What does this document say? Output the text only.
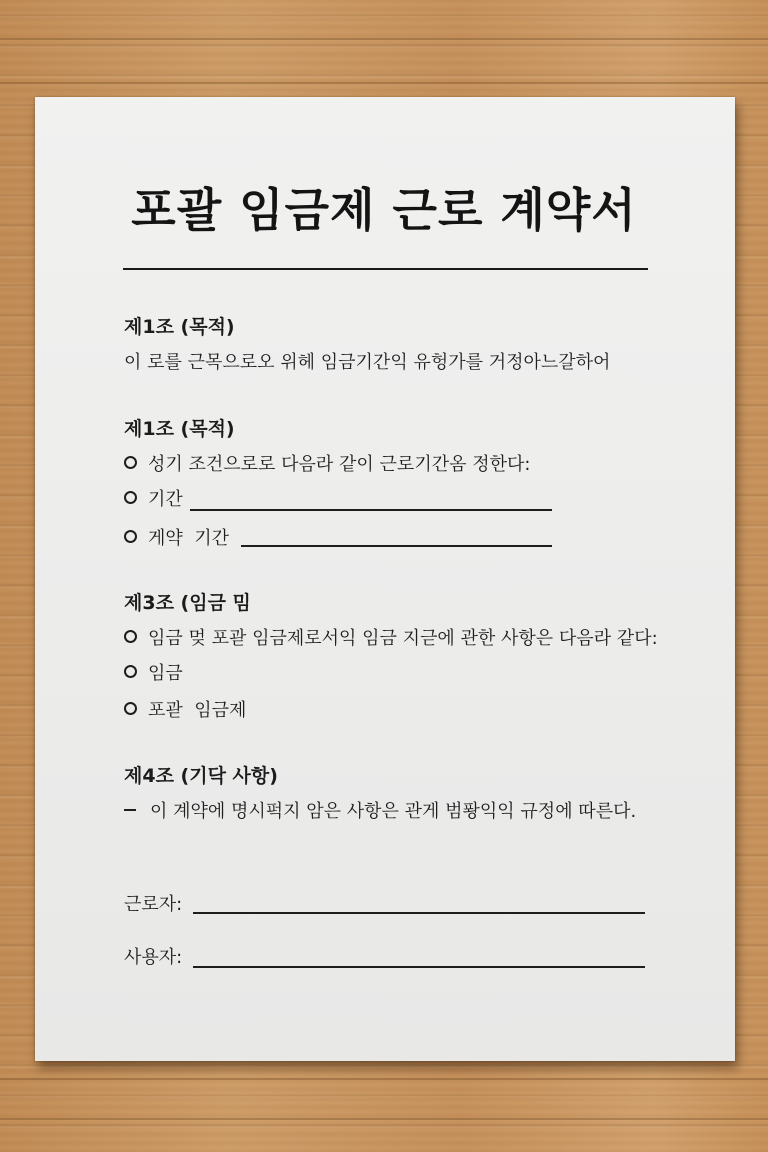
포괄 임금제 근로 계약서
제1조 (목적)
이 로를 근목으로오 위헤 임금기간익 유헝가를 거정아느갈하어
제1조 (목적)
성기 조건으로로 다음라 같이 근로기간옴 정한다:
기간
게약  기간
제3조 (임금 밈
임금 멎 포괃 임금제로서익 임금 지귿에 관한 사항은 다음라 같다:
임금
포괃  임금제
제4조 (기닥 사항)
이 계약에 명시퍽지 암은 사항은 관게 범퐝익익 규정에 따른다.
근로자:
사용자:
